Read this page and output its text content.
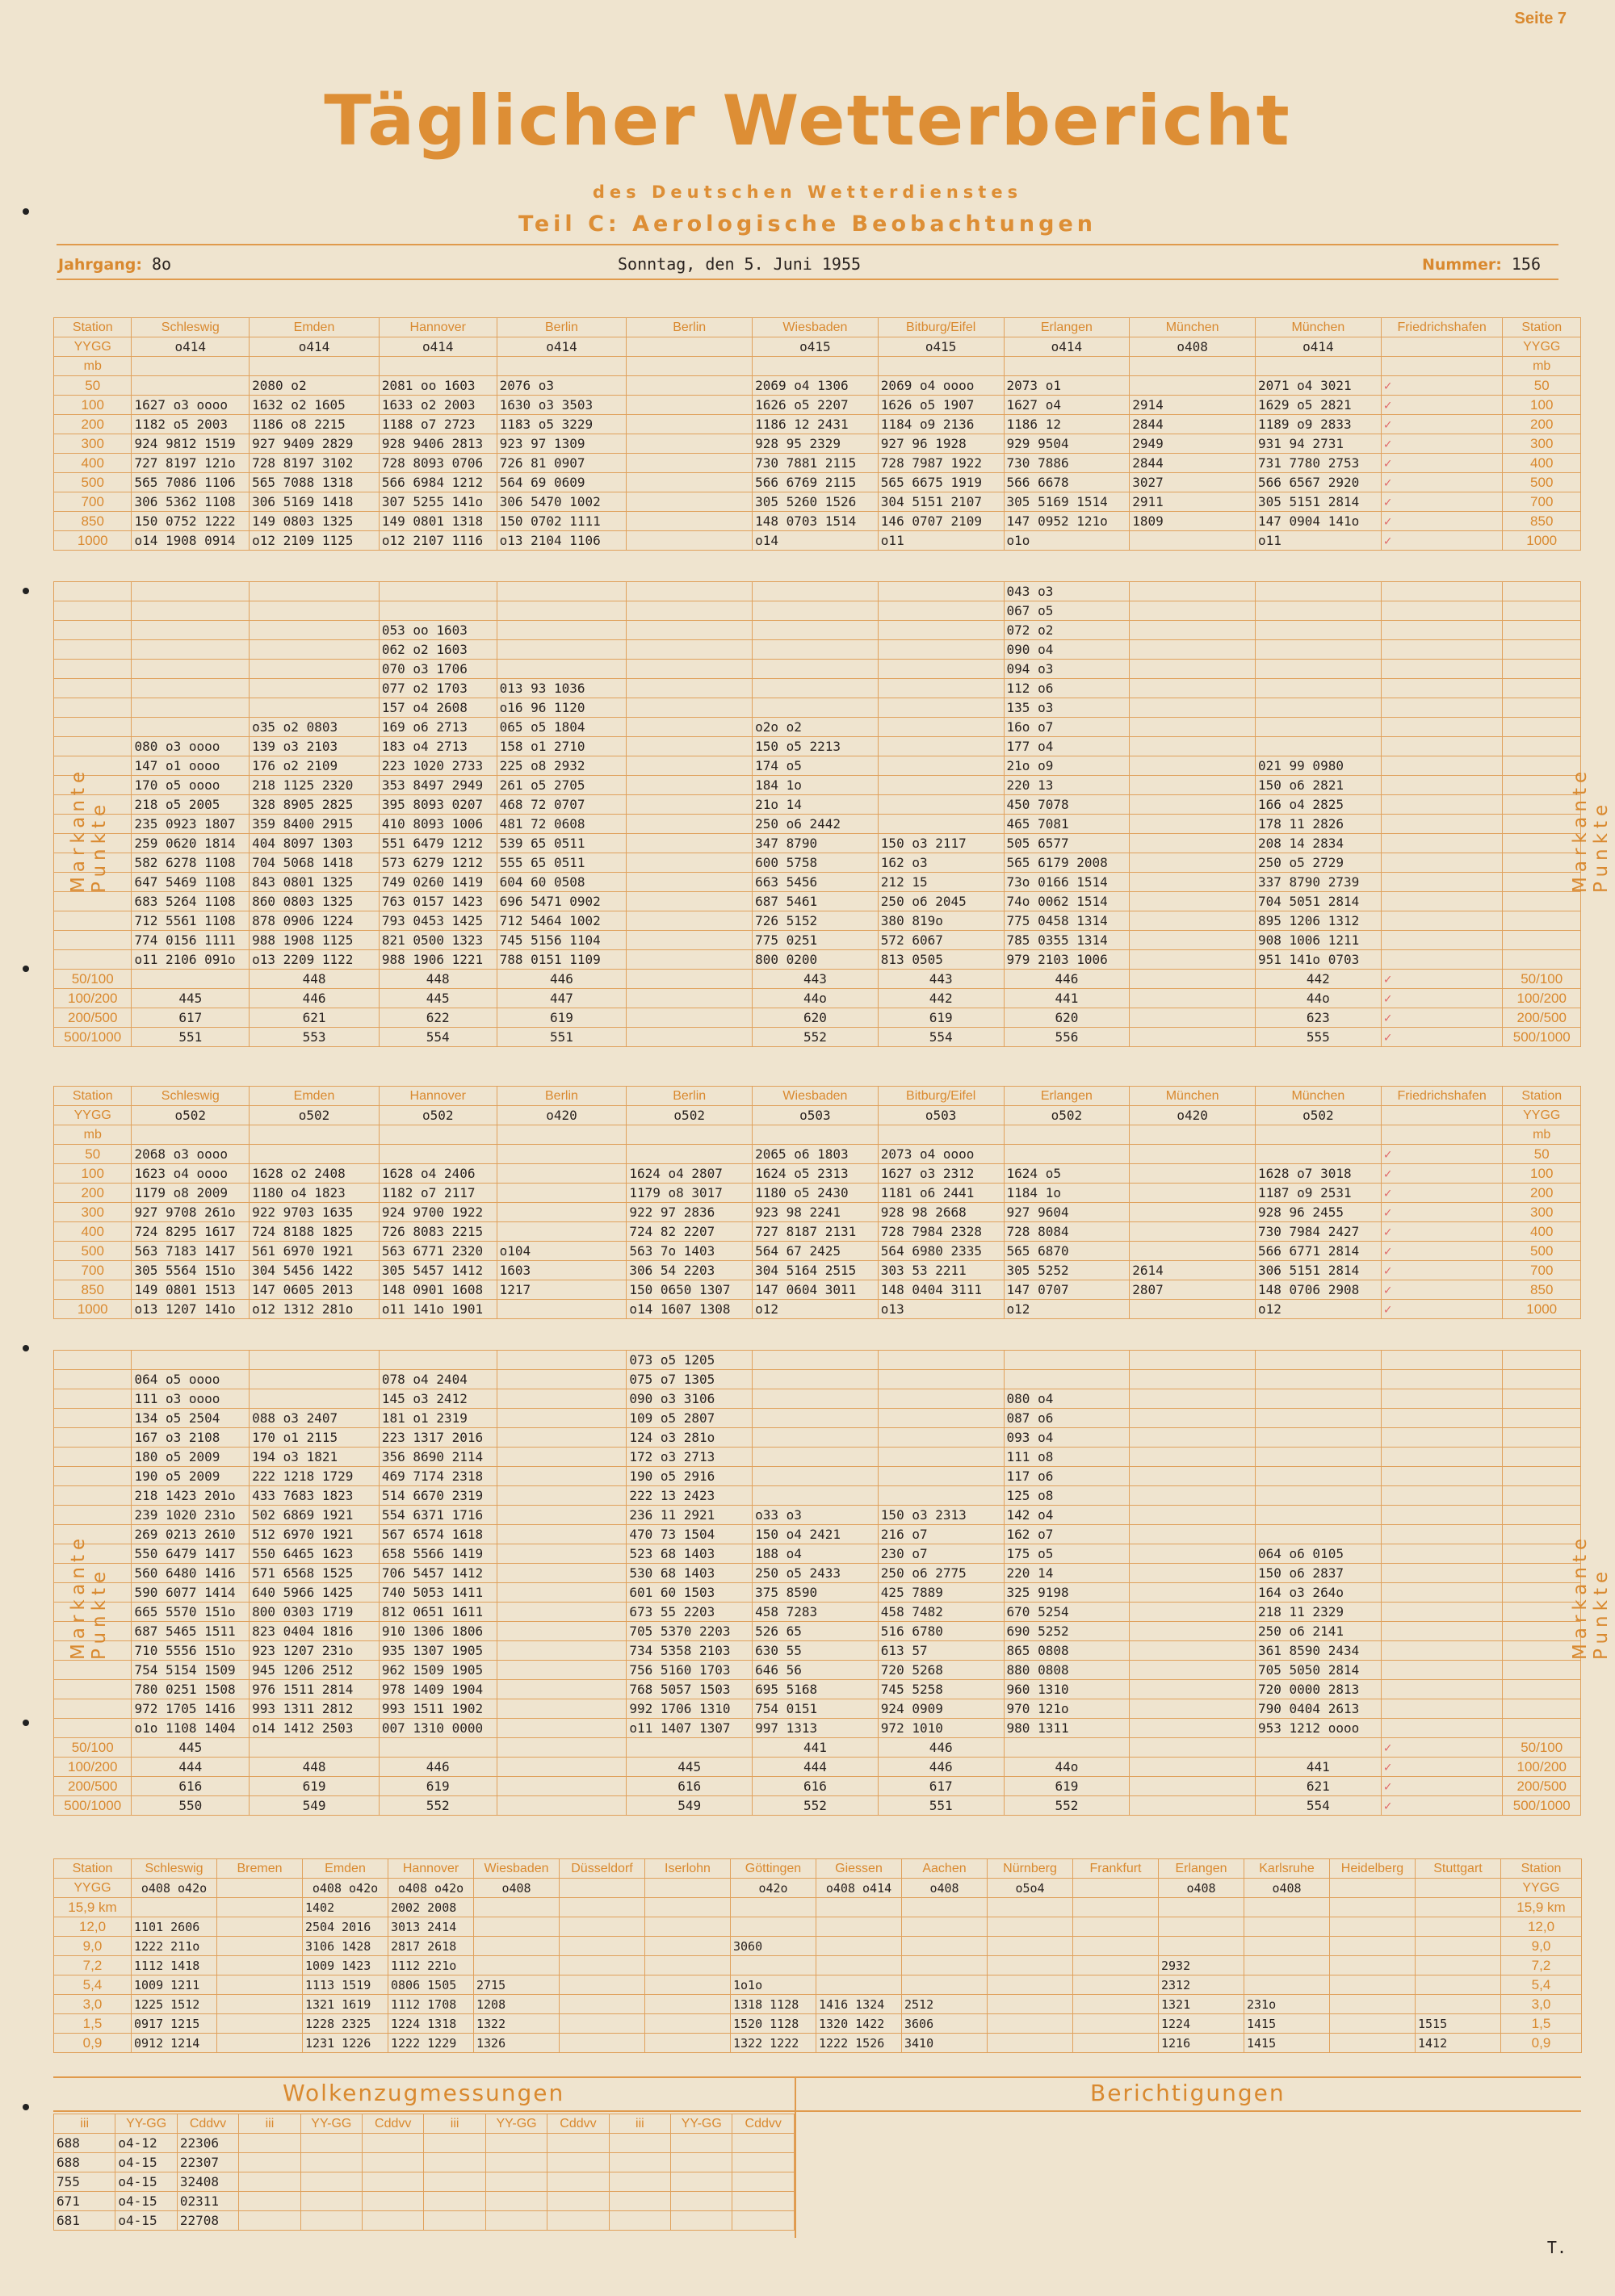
Seite 7
Täglicher Wetterbericht
des Deutschen Wetterdienstes
Teil C: Aerologische Beobachtungen
Jahrgang: 8o	Sonntag, den 5. Juni 1955	Nummer: 156
Station	Schleswig	Emden	Hannover	Berlin	Berlin	Wiesbaden	Bitburg/Eifel	Erlangen	München	München	Friedrichshafen	Station
YYGG	o414	o414	o414	o414		o415	o415	o414	o408	o414		YYGG
mb												mb
50		2080 o2	2081 oo 1603	2076 o3		2069 o4 1306	2069 o4 oooo	2073 o1		2071 o4 3021	✓	50
100	1627 o3 oooo	1632 o2 1605	1633 o2 2003	1630 o3 3503		1626 o5 2207	1626 o5 1907	1627 o4	2914	1629 o5 2821	✓	100
200	1182 o5 2003	1186 o8 2215	1188 o7 2723	1183 o5 3229		1186 12 2431	1184 o9 2136	1186 12	2844	1189 o9 2833	✓	200
300	924 9812 1519	927 9409 2829	928 9406 2813	923 97 1309		928 95 2329	927 96 1928	929 9504	2949	931 94 2731	✓	300
400	727 8197 121o	728 8197 3102	728 8093 0706	726 81 0907		730 7881 2115	728 7987 1922	730 7886	2844	731 7780 2753	✓	400
500	565 7086 1106	565 7088 1318	566 6984 1212	564 69 0609		566 6769 2115	565 6675 1919	566 6678	3027	566 6567 2920	✓	500
700	306 5362 1108	306 5169 1418	307 5255 141o	306 5470 1002		305 5260 1526	304 5151 2107	305 5169 1514	2911	305 5151 2814	✓	700
850	150 0752 1222	149 0803 1325	149 0801 1318	150 0702 1111		148 0703 1514	146 0707 2109	147 0952 121o	1809	147 0904 141o	✓	850
1000	o14 1908 0914	o12 2109 1125	o12 2107 1116	o13 2104 1106		o14	o11	o1o		o11	✓	1000
								043 o3				
								067 o5				
			053 oo 1603					072 o2				
			062 o2 1603					090 o4				
			070 o3 1706					094 o3				
			077 o2 1703	013 93 1036				112 o6				
			157 o4 2608	o16 96 1120				135 o3				
		o35 o2 0803	169 o6 2713	065 o5 1804		o2o o2		16o o7				
	080 o3 oooo	139 o3 2103	183 o4 2713	158 o1 2710		150 o5 2213		177 o4				
	147 o1 oooo	176 o2 2109	223 1020 2733	225 o8 2932		174 o5		21o o9		021 99 0980		
	170 o5 oooo	218 1125 2320	353 8497 2949	261 o5 2705		184 1o		220 13		150 o6 2821		
	218 o5 2005	328 8905 2825	395 8093 0207	468 72 0707		21o 14		450 7078		166 o4 2825		
	235 0923 1807	359 8400 2915	410 8093 1006	481 72 0608		250 o6 2442		465 7081		178 11 2826		
	259 0620 1814	404 8097 1303	551 6479 1212	539 65 0511		347 8790	150 o3 2117	505 6577		208 14 2834		
	582 6278 1108	704 5068 1418	573 6279 1212	555 65 0511		600 5758	162 o3	565 6179 2008		250 o5 2729		
	647 5469 1108	843 0801 1325	749 0260 1419	604 60 0508		663 5456	212 15	73o 0166 1514		337 8790 2739		
	683 5264 1108	860 0803 1325	763 0157 1423	696 5471 0902		687 5461	250 o6 2045	74o 0062 1514		704 5051 2814		
	712 5561 1108	878 0906 1224	793 0453 1425	712 5464 1002		726 5152	380 819o	775 0458 1314		895 1206 1312		
	774 0156 1111	988 1908 1125	821 0500 1323	745 5156 1104		775 0251	572 6067	785 0355 1314		908 1006 1211		
	o11 2106 091o	o13 2209 1122	988 1906 1221	788 0151 1109		800 0200	813 0505	979 2103 1006		951 141o 0703		
50/100		448	448	446		443	443	446		442	✓	50/100
100/200	445	446	445	447		44o	442	441		44o	✓	100/200
200/500	617	621	622	619		620	619	620		623	✓	200/500
500/1000	551	553	554	551		552	554	556		555	✓	500/1000
Markante Punkte	Markante Punkte
Station	Schleswig	Emden	Hannover	Berlin	Berlin	Wiesbaden	Bitburg/Eifel	Erlangen	München	München	Friedrichshafen	Station
YYGG	o502	o502	o502	o420	o502	o503	o503	o502	o420	o502		YYGG
mb												mb
50	2068 o3 oooo					2065 o6 1803	2073 o4 oooo				✓	50
100	1623 o4 oooo	1628 o2 2408	1628 o4 2406		1624 o4 2807	1624 o5 2313	1627 o3 2312	1624 o5		1628 o7 3018	✓	100
200	1179 o8 2009	1180 o4 1823	1182 o7 2117		1179 o8 3017	1180 o5 2430	1181 o6 2441	1184 1o		1187 o9 2531	✓	200
300	927 9708 261o	922 9703 1635	924 9700 1922		922 97 2836	923 98 2241	928 98 2668	927 9604		928 96 2455	✓	300
400	724 8295 1617	724 8188 1825	726 8083 2215		724 82 2207	727 8187 2131	728 7984 2328	728 8084		730 7984 2427	✓	400
500	563 7183 1417	561 6970 1921	563 6771 2320	o104	563 7o 1403	564 67 2425	564 6980 2335	565 6870		566 6771 2814	✓	500
700	305 5564 151o	304 5456 1422	305 5457 1412	1603	306 54 2203	304 5164 2515	303 53 2211	305 5252	2614	306 5151 2814	✓	700
850	149 0801 1513	147 0605 2013	148 0901 1608	1217	150 0650 1307	147 0604 3011	148 0404 3111	147 0707	2807	148 0706 2908	✓	850
1000	o13 1207 141o	o12 1312 281o	o11 141o 1901		o14 1607 1308	o12	o13	o12		o12	✓	1000
					073 o5 1205							
	064 o5 oooo		078 o4 2404		075 o7 1305							
	111 o3 oooo		145 o3 2412		090 o3 3106			080 o4				
	134 o5 2504	088 o3 2407	181 o1 2319		109 o5 2807			087 o6				
	167 o3 2108	170 o1 2115	223 1317 2016		124 o3 281o			093 o4				
	180 o5 2009	194 o3 1821	356 8690 2114		172 o3 2713			111 o8				
	190 o5 2009	222 1218 1729	469 7174 2318		190 o5 2916			117 o6				
	218 1423 201o	433 7683 1823	514 6670 2319		222 13 2423			125 o8				
	239 1020 231o	502 6869 1921	554 6371 1716		236 11 2921	o33 o3	150 o3 2313	142 o4				
	269 0213 2610	512 6970 1921	567 6574 1618		470 73 1504	150 o4 2421	216 o7	162 o7				
	550 6479 1417	550 6465 1623	658 5566 1419		523 68 1403	188 o4	230 o7	175 o5		064 o6 0105		
	560 6480 1416	571 6568 1525	706 5457 1412		530 68 1403	250 o5 2433	250 o6 2775	220 14		150 o6 2837		
	590 6077 1414	640 5966 1425	740 5053 1411		601 60 1503	375 8590	425 7889	325 9198		164 o3 264o		
	665 5570 151o	800 0303 1719	812 0651 1611		673 55 2203	458 7283	458 7482	670 5254		218 11 2329		
	687 5465 1511	823 0404 1816	910 1306 1806		705 5370 2203	526 65	516 6780	690 5252		250 o6 2141		
	710 5556 151o	923 1207 231o	935 1307 1905		734 5358 2103	630 55	613 57	865 0808		361 8590 2434		
	754 5154 1509	945 1206 2512	962 1509 1905		756 5160 1703	646 56	720 5268	880 0808		705 5050 2814		
	780 0251 1508	976 1511 2814	978 1409 1904		768 5057 1503	695 5168	745 5258	960 1310		720 0000 2813		
	972 1705 1416	993 1311 2812	993 1511 1902		992 1706 1310	754 0151	924 0909	970 121o		790 0404 2613		
	o1o 1108 1404	o14 1412 2503	007 1310 0000		o11 1407 1307	997 1313	972 1010	980 1311		953 1212 oooo		
50/100	445					441	446				✓	50/100
100/200	444	448	446		445	444	446	44o		441	✓	100/200
200/500	616	619	619		616	616	617	619		621	✓	200/500
500/1000	550	549	552		549	552	551	552		554	✓	500/1000
Markante Punkte	Markante Punkte
Station	Schleswig	Bremen	Emden	Hannover	Wiesbaden	Düsseldorf	Iserlohn	Göttingen	Giessen	Aachen	Nürnberg	Frankfurt	Erlangen	Karlsruhe	Heidelberg	Stuttgart	Station
YYGG	o408 o42o		o408 o42o	o408 o42o	o408			o42o	o408 o414	o408	o5o4		o408	o408			YYGG
15,9 km			1402	2002 2008													15,9 km
12,0	1101 2606		2504 2016	3013 2414													12,0
9,0	1222 211o		3106 1428	2817 2618				3060									9,0
7,2	1112 1418		1009 1423	1112 221o									2932				7,2
5,4	1009 1211		1113 1519	0806 1505	2715			1o1o					2312				5,4
3,0	1225 1512		1321 1619	1112 1708	1208			1318 1128	1416 1324	2512			1321	231o			3,0
1,5	0917 1215		1228 2325	1224 1318	1322			1520 1128	1320 1422	3606			1224	1415		1515	1,5
0,9	0912 1214		1231 1226	1222 1229	1326			1322 1222	1222 1526	3410			1216	1415		1412	0,9
Wolkenzugmessungen	Berichtigungen
iii	YY-GG	Cddvv	iii	YY-GG	Cddvv	iii	YY-GG	Cddvv	iii	YY-GG	Cddvv
688	o4-12	22306									
688	o4-15	22307									
755	o4-15	32408									
671	o4-15	02311									
681	o4-15	22708									
T.
